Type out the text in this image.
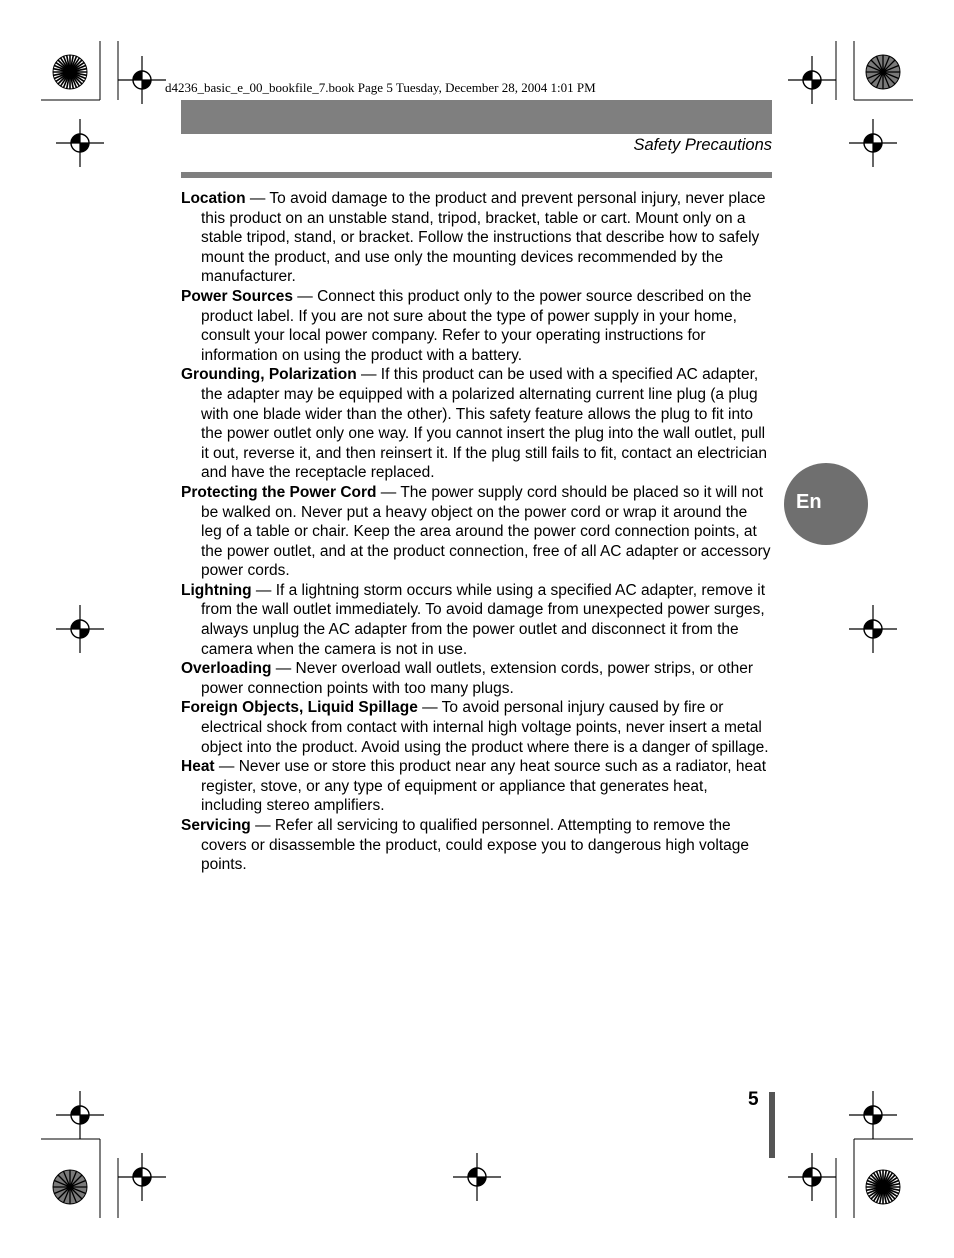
d4236_basic_e_00_bookfile_7.book Page 5 Tuesday, December 28, 2004 1:01 PM
Safety Precautions

Location — To avoid damage to the product and prevent personal injury, never place this product on an unstable stand, tripod, bracket, table or cart. Mount only on a stable tripod, stand, or bracket. Follow the instructions that describe how to safely mount the product, and use only the mounting devices recommended by the manufacturer.

Power Sources — Connect this product only to the power source described on the product label. If you are not sure about the type of power supply in your home, consult your local power company. Refer to your operating instructions for information on using the product with a battery.

Grounding, Polarization — If this product can be used with a specified AC adapter, the adapter may be equipped with a polarized alternating current line plug (a plug with one blade wider than the other). This safety feature allows the plug to fit into the power outlet only one way. If you cannot insert the plug into the wall outlet, pull it out, reverse it, and then reinsert it. If the plug still fails to fit, contact an electrician and have the receptacle replaced.

Protecting the Power Cord — The power supply cord should be placed so it will not be walked on. Never put a heavy object on the power cord or wrap it around the leg of a table or chair. Keep the area around the power cord connection points, at the power outlet, and at the product connection, free of all AC adapter or accessory power cords.

Lightning — If a lightning storm occurs while using a specified AC adapter, remove it from the wall outlet immediately. To avoid damage from unexpected power surges, always unplug the AC adapter from the power outlet and disconnect it from the camera when the camera is not in use.

Overloading — Never overload wall outlets, extension cords, power strips, or other power connection points with too many plugs.

Foreign Objects, Liquid Spillage — To avoid personal injury caused by fire or electrical shock from contact with internal high voltage points, never insert a metal object into the product. Avoid using the product where there is a danger of spillage.

Heat — Never use or store this product near any heat source such as a radiator, heat register, stove, or any type of equipment or appliance that generates heat, including stereo amplifiers.

Servicing — Refer all servicing to qualified personnel. Attempting to remove the covers or disassemble the product, could expose you to dangerous high voltage points.

En
5
